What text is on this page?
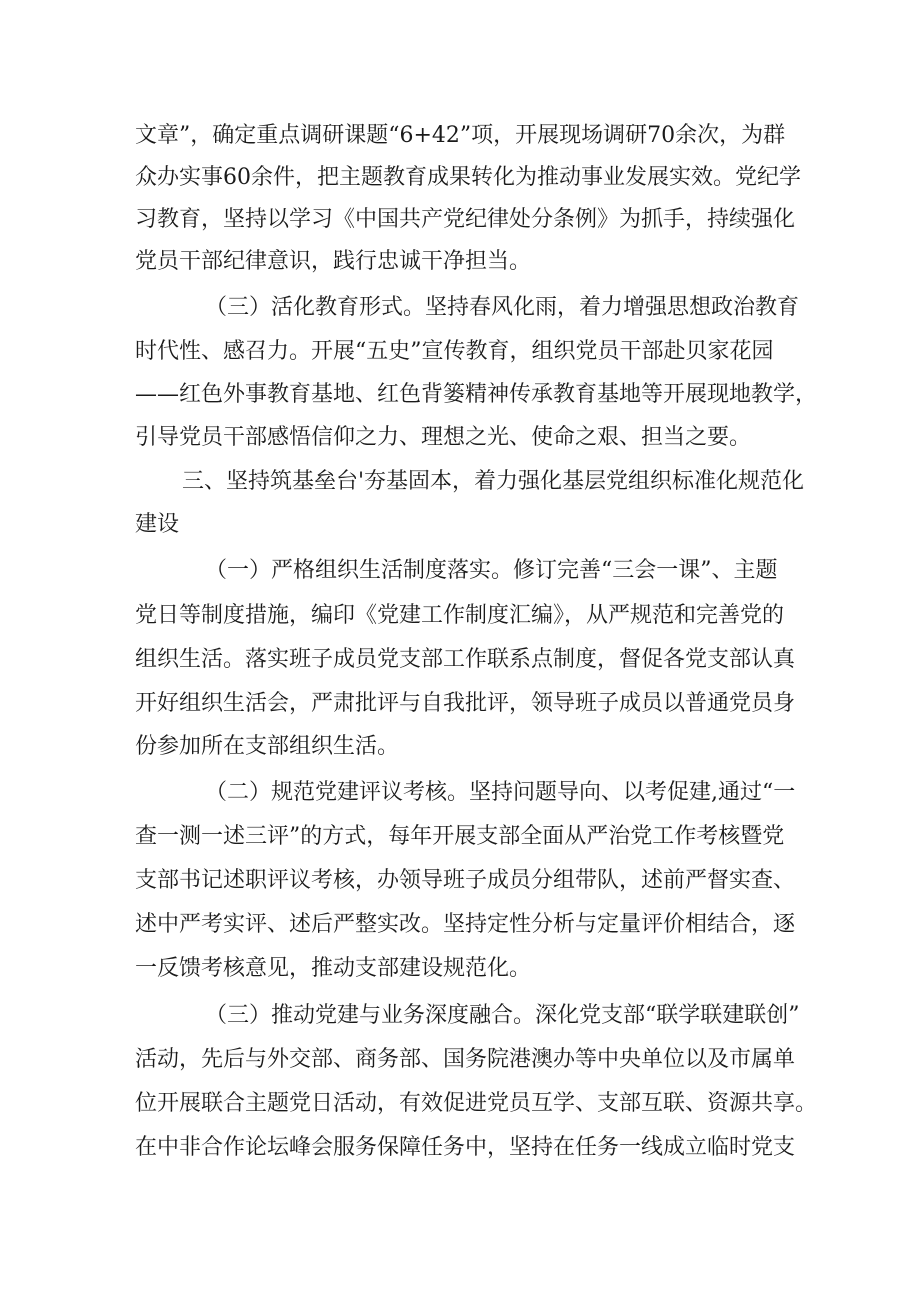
文章”，确定重点调研课题“6+42”项，开展现场调研70余次，为群
众办实事60余件，把主题教育成果转化为推动事业发展实效。党纪学
习教育，坚持以学习《中国共产党纪律处分条例》为抓手，持续强化
党员干部纪律意识，践行忠诚干净担当。
（三）活化教育形式。坚持春风化雨，着力增强思想政治教育
时代性、感召力。开展“五史”宣传教育，组织党员干部赴贝家花园
——红色外事教育基地、红色背篓精神传承教育基地等开展现地教学，
引导党员干部感悟信仰之力、理想之光、使命之艰、担当之要。
三、坚持筑基垒台'夯基固本，着力强化基层党组织标准化规范化
建设
（一）严格组织生活制度落实。修订完善“三会一课”、主题
党日等制度措施，编印《党建工作制度汇编》，从严规范和完善党的
组织生活。落实班子成员党支部工作联系点制度，督促各党支部认真
开好组织生活会，严肃批评与自我批评，领导班子成员以普通党员身
份参加所在支部组织生活。
（二）规范党建评议考核。坚持问题导向、以考促建,通过“一
查一测一述三评”的方式，每年开展支部全面从严治党工作考核暨党
支部书记述职评议考核，办领导班子成员分组带队，述前严督实查、
述中严考实评、述后严整实改。坚持定性分析与定量评价相结合，逐
一反馈考核意见，推动支部建设规范化。
（三）推动党建与业务深度融合。深化党支部“联学联建联创”
活动，先后与外交部、商务部、国务院港澳办等中央单位以及市属单
位开展联合主题党日活动，有效促进党员互学、支部互联、资源共享。
在中非合作论坛峰会服务保障任务中，坚持在任务一线成立临时党支
